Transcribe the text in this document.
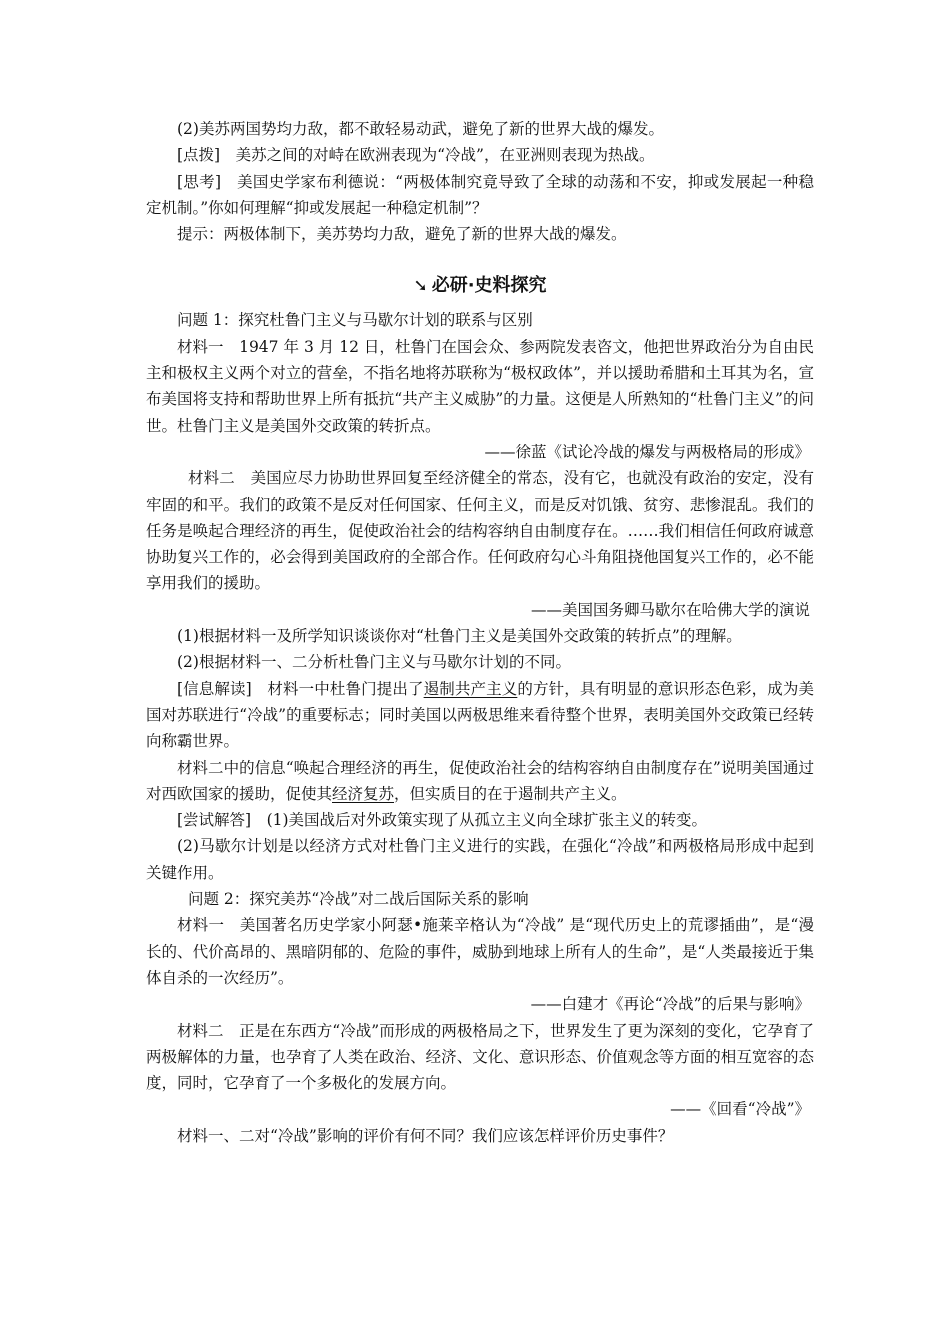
(2)美苏两国势均力敌，都不敢轻易动武，避免了新的世界大战的爆发。

[点拨]　美苏之间的对峙在欧洲表现为“冷战”，在亚洲则表现为热战。

[思考]　美国史学家布利德说：“两极体制究竟导致了全球的动荡和不安，抑或发展起一种稳定机制。”你如何理解“抑或发展起一种稳定机制”？

提示：两极体制下，美苏势均力敌，避免了新的世界大战的爆发。

➘ 必研·史料探究

问题 1：探究杜鲁门主义与马歇尔计划的联系与区别

材料一　1947 年 3 月 12 日，杜鲁门在国会众、参两院发表咨文，他把世界政治分为自由民主和极权主义两个对立的营垒，不指名地将苏联称为“极权政体”，并以援助希腊和土耳其为名，宣布美国将支持和帮助世界上所有抵抗“共产主义威胁”的力量。这便是人所熟知的“杜鲁门主义”的问世。杜鲁门主义是美国外交政策的转折点。

——徐蓝《试论冷战的爆发与两极格局的形成》

材料二　美国应尽力协助世界回复至经济健全的常态，没有它，也就没有政治的安定，没有牢固的和平。我们的政策不是反对任何国家、任何主义，而是反对饥饿、贫穷、悲惨混乱。我们的任务是唤起合理经济的再生，促使政治社会的结构容纳自由制度存在。……我们相信任何政府诚意协助复兴工作的，必会得到美国政府的全部合作。任何政府勾心斗角阻挠他国复兴工作的，必不能享用我们的援助。

——美国国务卿马歇尔在哈佛大学的演说

(1)根据材料一及所学知识谈谈你对“杜鲁门主义是美国外交政策的转折点”的理解。

(2)根据材料一、二分析杜鲁门主义与马歇尔计划的不同。

[信息解读]　材料一中杜鲁门提出了遏制共产主义的方针，具有明显的意识形态色彩，成为美国对苏联进行“冷战”的重要标志；同时美国以两极思维来看待整个世界，表明美国外交政策已经转向称霸世界。

材料二中的信息“唤起合理经济的再生，促使政治社会的结构容纳自由制度存在”说明美国通过对西欧国家的援助，促使其经济复苏，但实质目的在于遏制共产主义。

[尝试解答]　(1)美国战后对外政策实现了从孤立主义向全球扩张主义的转变。

(2)马歇尔计划是以经济方式对杜鲁门主义进行的实践，在强化“冷战”和两极格局形成中起到关键作用。

问题 2：探究美苏“冷战”对二战后国际关系的影响

材料一　美国著名历史学家小阿瑟•施莱辛格认为“冷战” 是“现代历史上的荒谬插曲”，是“漫长的、代价高昂的、黑暗阴郁的、危险的事件，威胁到地球上所有人的生命”，是“人类最接近于集体自杀的一次经历”。

——白建才《再论“冷战”的后果与影响》

材料二　正是在东西方“冷战”而形成的两极格局之下，世界发生了更为深刻的变化，它孕育了两极解体的力量，也孕育了人类在政治、经济、文化、意识形态、价值观念等方面的相互宽容的态度，同时，它孕育了一个多极化的发展方向。

——《回看“冷战”》

材料一、二对“冷战”影响的评价有何不同？我们应该怎样评价历史事件？
